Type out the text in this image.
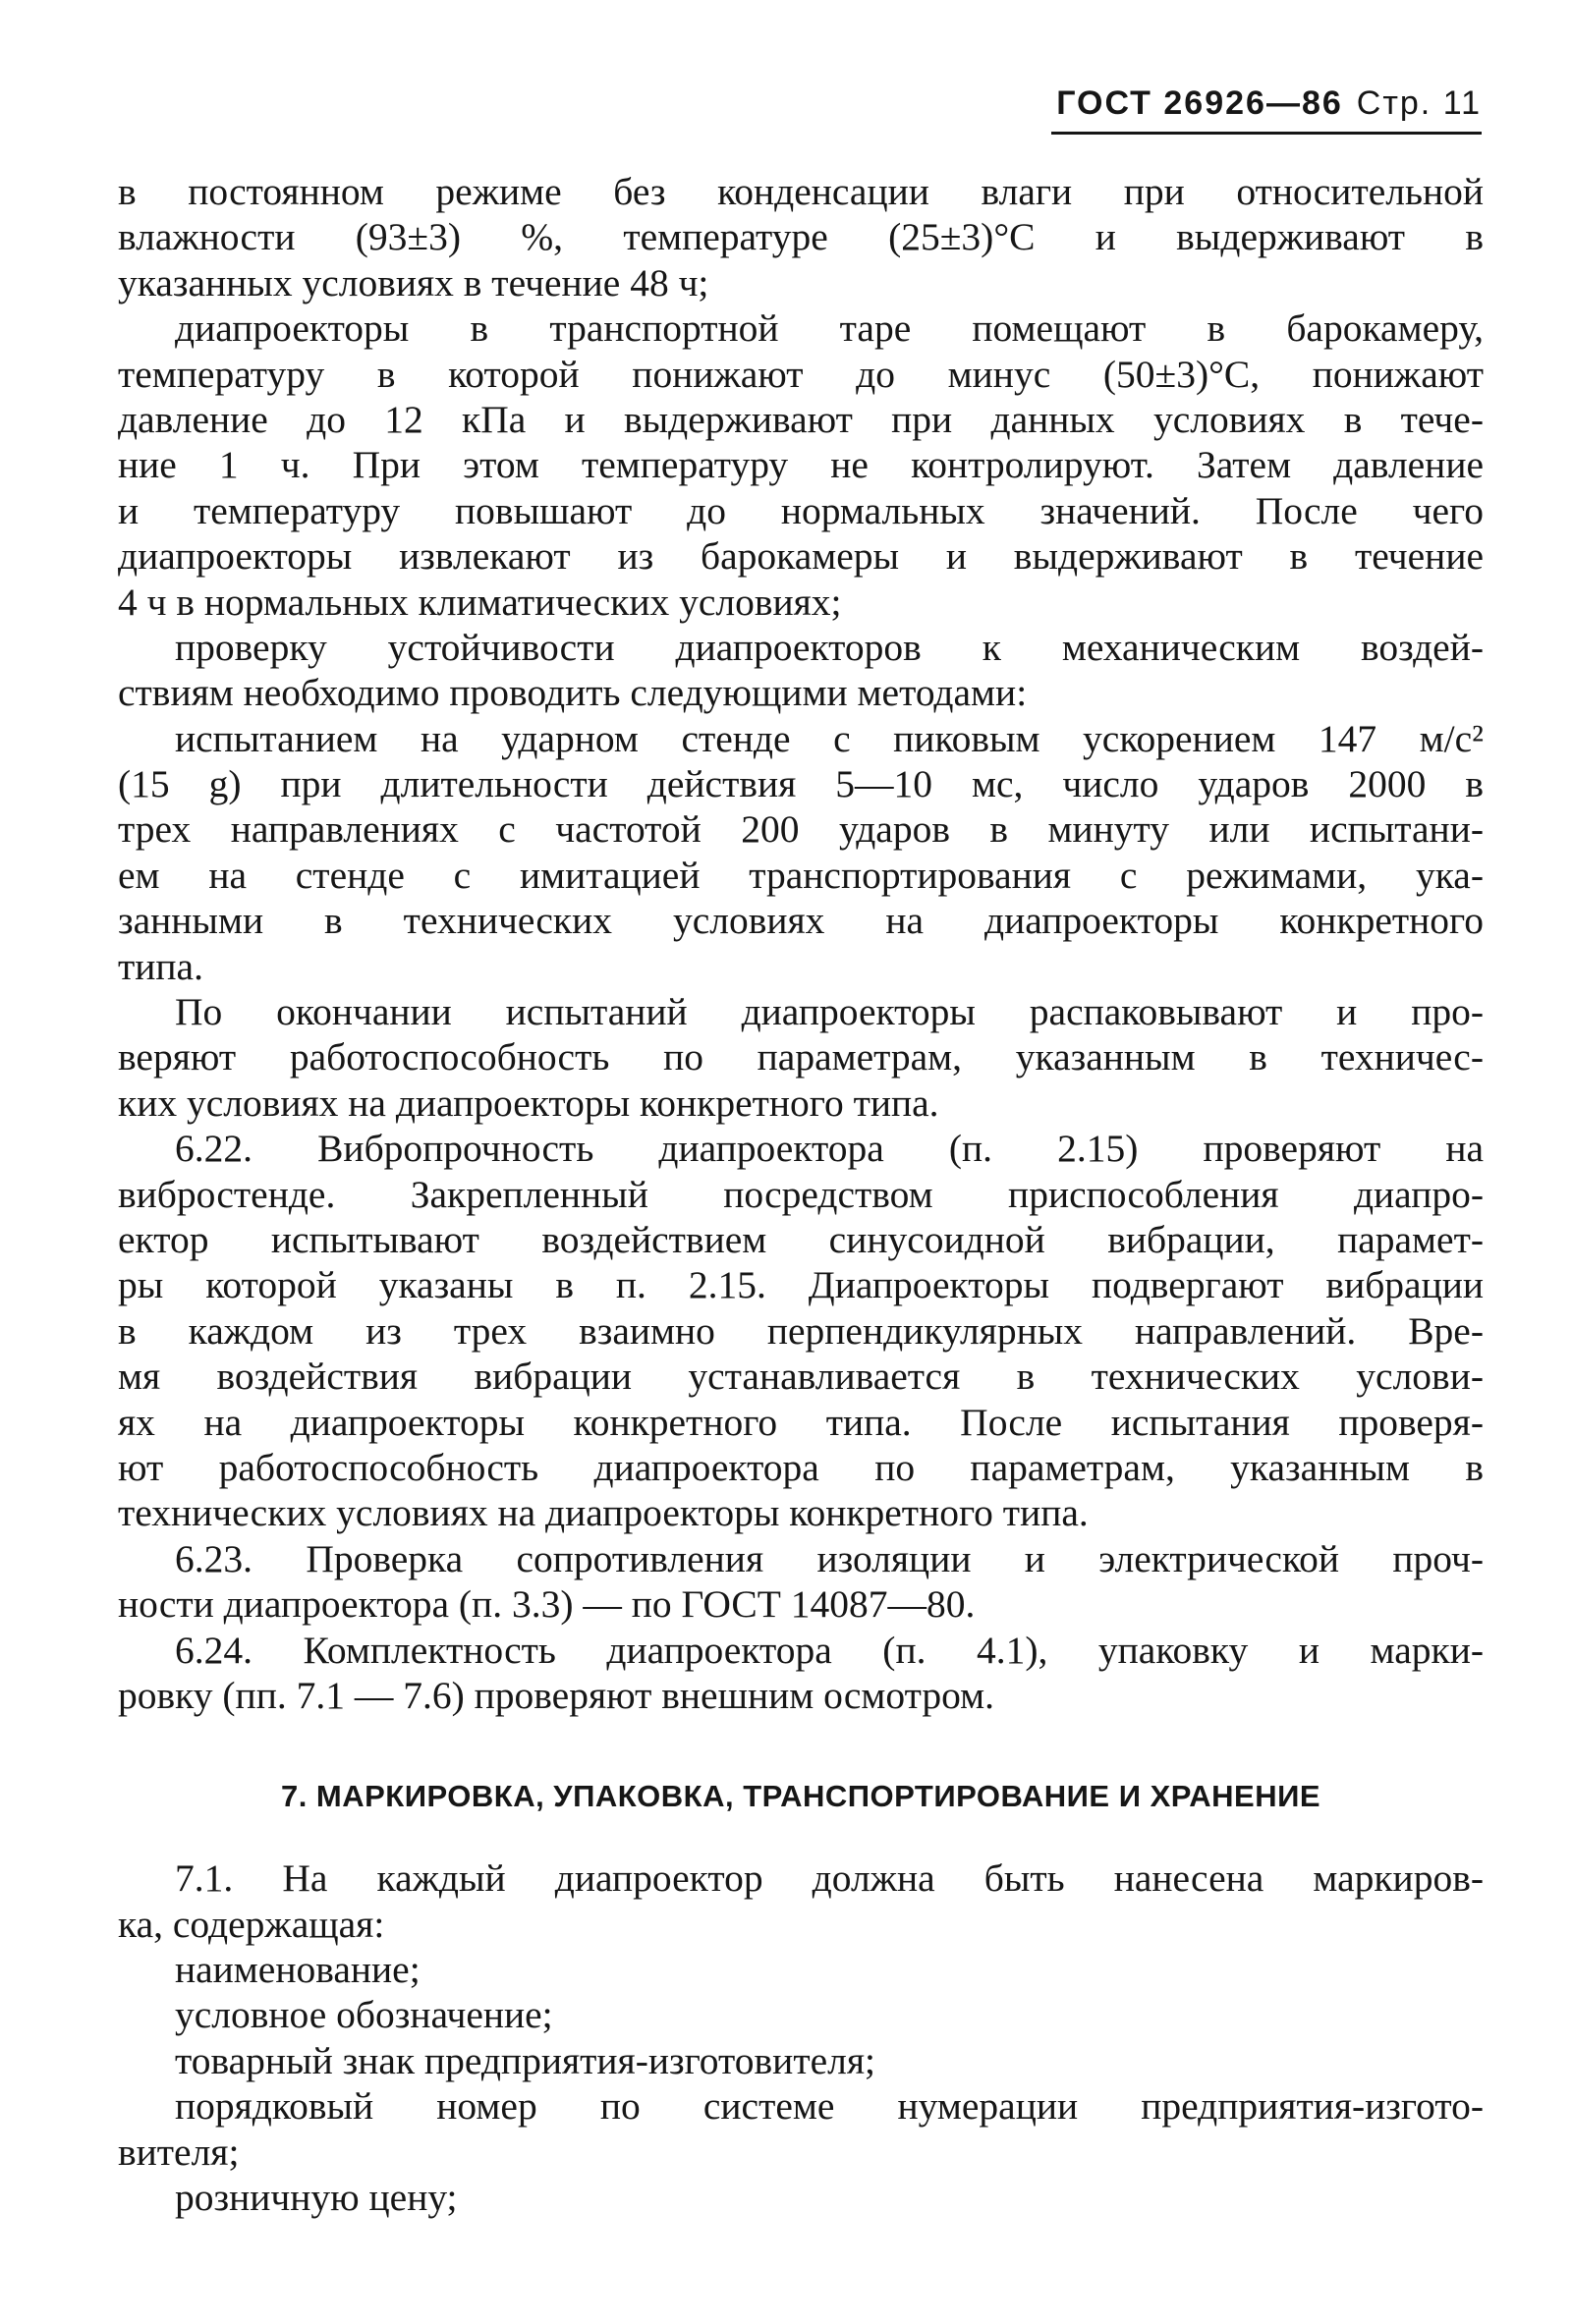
ГОСТ 26926—86 Стр. 11
в постоянном режиме без конденсации влаги при относительной
влажности (93±3) %, температуре (25±3)°С и выдерживают в
указанных условиях в течение 48 ч;
диапроекторы в транспортной таре помещают в барокамеру,
температуру в которой понижают до минус (50±3)°С, понижают
давление до 12 кПа и выдерживают при данных условиях в тече-
ние 1 ч. При этом температуру не контролируют. Затем давление
и температуру повышают до нормальных значений. После чего
диапроекторы извлекают из барокамеры и выдерживают в течение
4 ч в нормальных климатических условиях;
проверку устойчивости диапроекторов к механическим воздей-
ствиям необходимо проводить следующими методами:
испытанием на ударном стенде с пиковым ускорением 147 м/с²
(15 g) при длительности действия 5—10 мс, число ударов 2000 в
трех направлениях с частотой 200 ударов в минуту или испытани-
ем на стенде с имитацией транспортирования с режимами, ука-
занными в технических условиях на диапроекторы конкретного
типа.
По окончании испытаний диапроекторы распаковывают и про-
веряют работоспособность по параметрам, указанным в техничес-
ких условиях на диапроекторы конкретного типа.
6.22. Вибропрочность диапроектора (п. 2.15) проверяют на
вибростенде. Закрепленный посредством приспособления диапро-
ектор испытывают воздействием синусоидной вибрации, парамет-
ры которой указаны в п. 2.15. Диапроекторы подвергают вибрации
в каждом из трех взаимно перпендикулярных направлений. Вре-
мя воздействия вибрации устанавливается в технических услови-
ях на диапроекторы конкретного типа. После испытания проверя-
ют работоспособность диапроектора по параметрам, указанным в
технических условиях на диапроекторы конкретного типа.
6.23. Проверка сопротивления изоляции и электрической проч-
ности диапроектора (п. 3.3) — по ГОСТ 14087—80.
6.24. Комплектность диапроектора (п. 4.1), упаковку и марки-
ровку (пп. 7.1 — 7.6) проверяют внешним осмотром.
7. МАРКИРОВКА, УПАКОВКА, ТРАНСПОРТИРОВАНИЕ И ХРАНЕНИЕ
7.1. На каждый диапроектор должна быть нанесена маркиров-
ка, содержащая:
наименование;
условное обозначение;
товарный знак предприятия-изготовителя;
порядковый номер по системе нумерации предприятия-изгото-
вителя;
розничную цену;
